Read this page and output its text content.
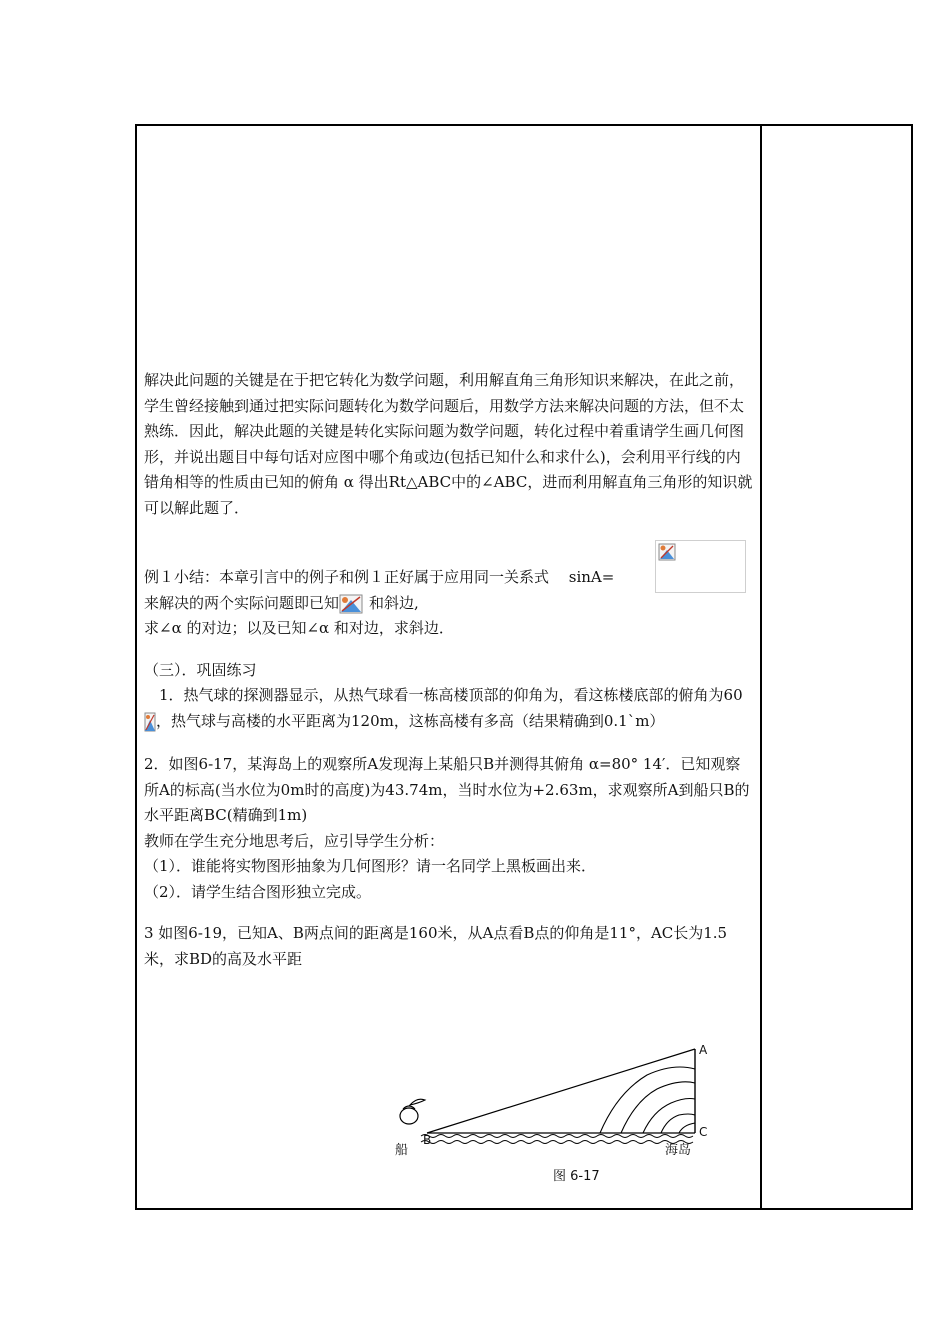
解决此问题的关键是在于把它转化为数学问题，利用解直角三角形知识来解决，在此之前，学生曾经接触到通过把实际问题转化为数学问题后，用数学方法来解决问题的方法，但不太熟练．因此，解决此题的关键是转化实际问题为数学问题，转化过程中着重请学生画几何图形，并说出题目中每句话对应图中哪个角或边(包括已知什么和求什么)，会利用平行线的内错角相等的性质由已知的俯角 α 得出Rt△ABC中的∠ABC，进而利用解直角三角形的知识就可以解此题了．

例１小结：本章引言中的例子和例１正好属于应用同一关系式　 sinA=

来解决的两个实际问题即已知 和斜边,

求∠α 的对边；以及已知∠α 和对边，求斜边．

（三）．巩固练习

　1．热气球的探测器显示，从热气球看一栋高楼顶部的仰角为，看这栋楼底部的俯角为60，热气球与高楼的水平距离为120m，这栋高楼有多高（结果精确到0.1`m）

2．如图6-17，某海岛上的观察所A发现海上某船只B并测得其俯角 α=80° 14′．已知观察所A的标高(当水位为0m时的高度)为43.74m，当时水位为+2.63m，求观察所A到船只B的水平距离BC(精确到1m)

教师在学生充分地思考后，应引导学生分析：

（1）．谁能将实物图形抽象为几何图形？请一名同学上黑板画出来．

（2）．请学生结合图形独立完成。

3 如图6-19，已知A、B两点间的距离是160米，从A点看B点的仰角是11°，AC长为1.5米，求BD的高及水平距

A
B
C
船	海岛
图 6-17
